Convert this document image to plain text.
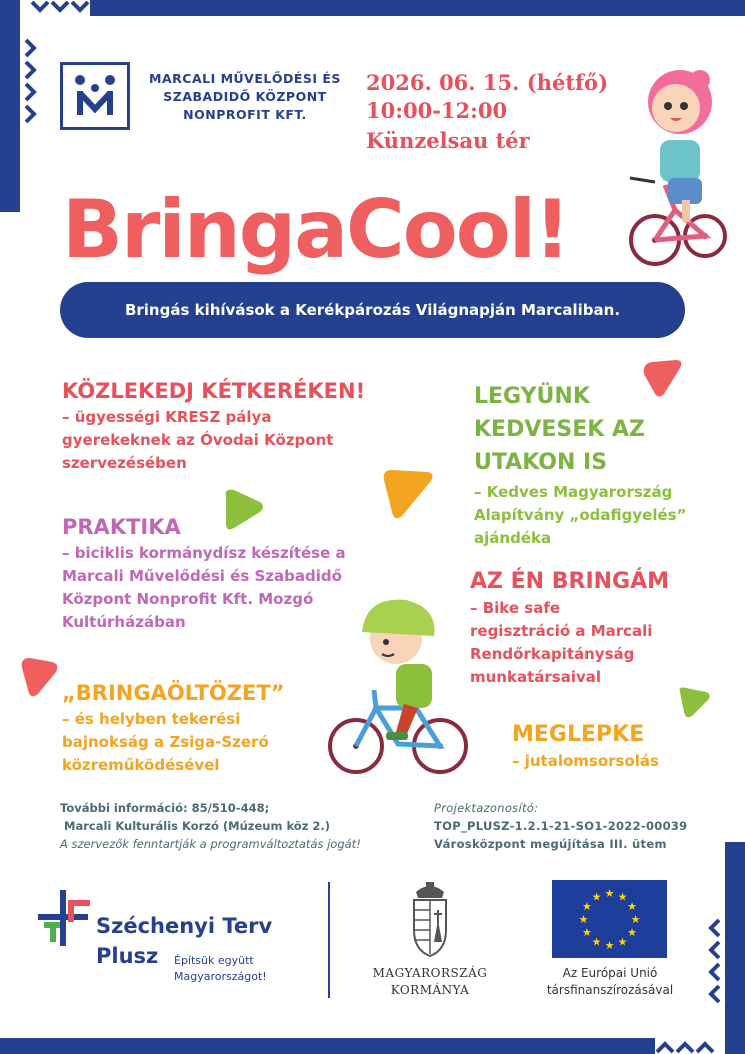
MARCALI MŰVELŐDÉSI ÉS
SZABADIDŐ KÖZPONT
NONPROFIT KFT.
2026. 06. 15. (hétfő)
10:00-12:00
Künzelsau tér
BringaCool!
Bringás kihívások a Kerékpározás Világnapján Marcaliban.
KÖZLEKEDJ KÉTKERÉKEN!
– ügyességi KRESZ pálya
gyerekeknek az Óvodai Központ
szervezésében
PRAKTIKA
– biciklis kormánydísz készítése a
Marcali Művelődési és Szabadidő
Központ Nonprofit Kft. Mozgó
Kultúrházában
„BRINGAÖLTÖZET”
– és helyben tekerési
bajnokság a Zsiga-Szeró
közreműködésével
LEGYÜNK
KEDVESEK AZ
UTAKON IS
– Kedves Magyarország
Alapítvány „odafigyelés”
ajándéka
AZ ÉN BRINGÁM
– Bike safe
regisztráció a Marcali
Rendőrkapitányság
munkatársaival
MEGLEPKE
– jutalomsorsolás
További információ: 85/510-448;
Marcali Kulturális Korzó (Múzeum köz 2.)
A szervezők fenntartják a programváltoztatás jogát!
Projektazonosító:
TOP_PLUSZ-1.2.1-21-SO1-2022-00039
Városközpont megújítása III. ütem
Széchenyi Terv
Plusz Építsük együtt
Magyarországot!	MAGYARORSZÁG
KORMÁNYA
★ ★
★
★
★
★
★
★
★
★
★
★
Az Európai Unió
társfinanszírozásával
